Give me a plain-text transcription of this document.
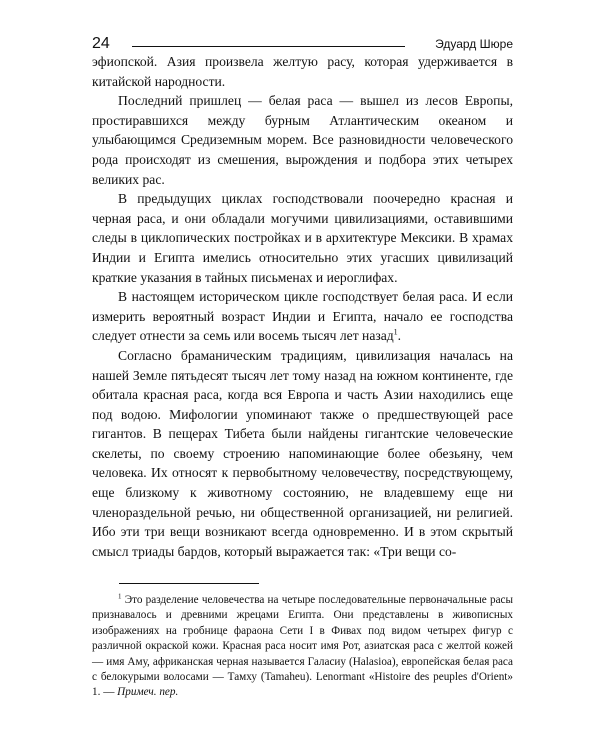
24	Эдуард Шюре

эфиопской. Азия произвела желтую расу, которая удерживается в китайской народности.

Последний пришлец — белая раса — вышел из лесов Европы, простиравшихся между бурным Атлантическим океаном и улыбающимся Средиземным морем. Все разновидности человеческого рода происходят из смешения, вырождения и подбора этих четырех великих рас.

В предыдущих циклах господствовали поочередно красная и черная раса, и они обладали могучими цивилизациями, оставившими следы в циклопических постройках и в архитектуре Мексики. В храмах Индии и Египта имелись относительно этих угасших цивилизаций краткие указания в тайных письменах и иероглифах.

В настоящем историческом цикле господствует белая раса. И если измерить вероятный возраст Индии и Египта, начало ее господства следует отнести за семь или восемь тысяч лет назад$^1$.

Согласно браманическим традициям, цивилизация началась на нашей Земле пятьдесят тысяч лет тому назад на южном континенте, где обитала красная раса, когда вся Европа и часть Азии находились еще под водою. Мифологии упоминают также о предшествующей расе гигантов. В пещерах Тибета были найдены гигантские человеческие скелеты, по своему строению напоминающие более обезьяну, чем человека. Их относят к первобытному человечеству, посредствующему, еще близкому к животному состоянию, не владевшему еще ни членораздельной речью, ни общественной организацией, ни религией. Ибо эти три вещи возникают всегда одновременно. И в этом скрытый смысл триады бардов, который выражается так: «Три вещи со-

$^1$ Это разделение человечества на четыре последовательные первоначальные расы признавалось и древними жрецами Египта. Они представлены в живописных изображениях на гробнице фараона Сети I в Фивах под видом четырех фигур с различной окраской кожи. Красная раса носит имя Рот, азиатская раса с желтой кожей — имя Аму, африканская черная называется Галасиу (Halasioa), европейская белая раса с белокурыми волосами — Тамху (Tamaheu). Lenormant «Histoire des peuples d'Orient» 1. — Примеч. пер.
